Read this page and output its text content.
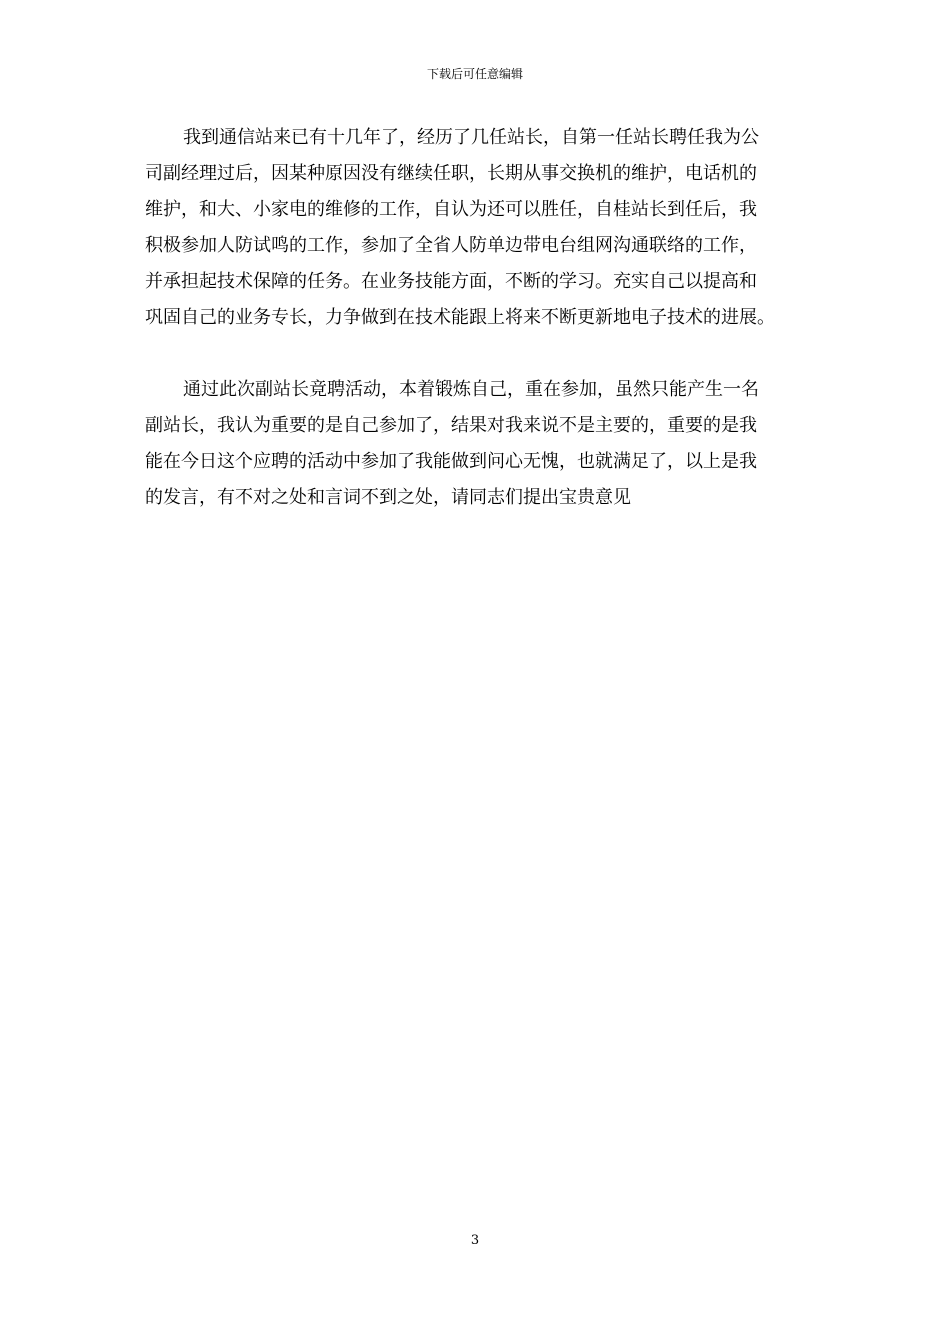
下载后可任意编辑
我到通信站来已有十几年了，经历了几任站长，自第一任站长聘任我为公
司副经理过后，因某种原因没有继续任职，长期从事交换机的维护，电话机的
维护，和大、小家电的维修的工作，自认为还可以胜任，自桂站长到任后，我
积极参加人防试鸣的工作，参加了全省人防单边带电台组网沟通联络的工作，
并承担起技术保障的任务。在业务技能方面，不断的学习。充实自己以提高和
巩固自己的业务专长，力争做到在技术能跟上将来不断更新地电子技术的进展。
通过此次副站长竟聘活动，本着锻炼自己，重在参加，虽然只能产生一名
副站长，我认为重要的是自己参加了，结果对我来说不是主要的，重要的是我
能在今日这个应聘的活动中参加了我能做到问心无愧，也就满足了，以上是我
的发言，有不对之处和言词不到之处，请同志们提出宝贵意见
3
